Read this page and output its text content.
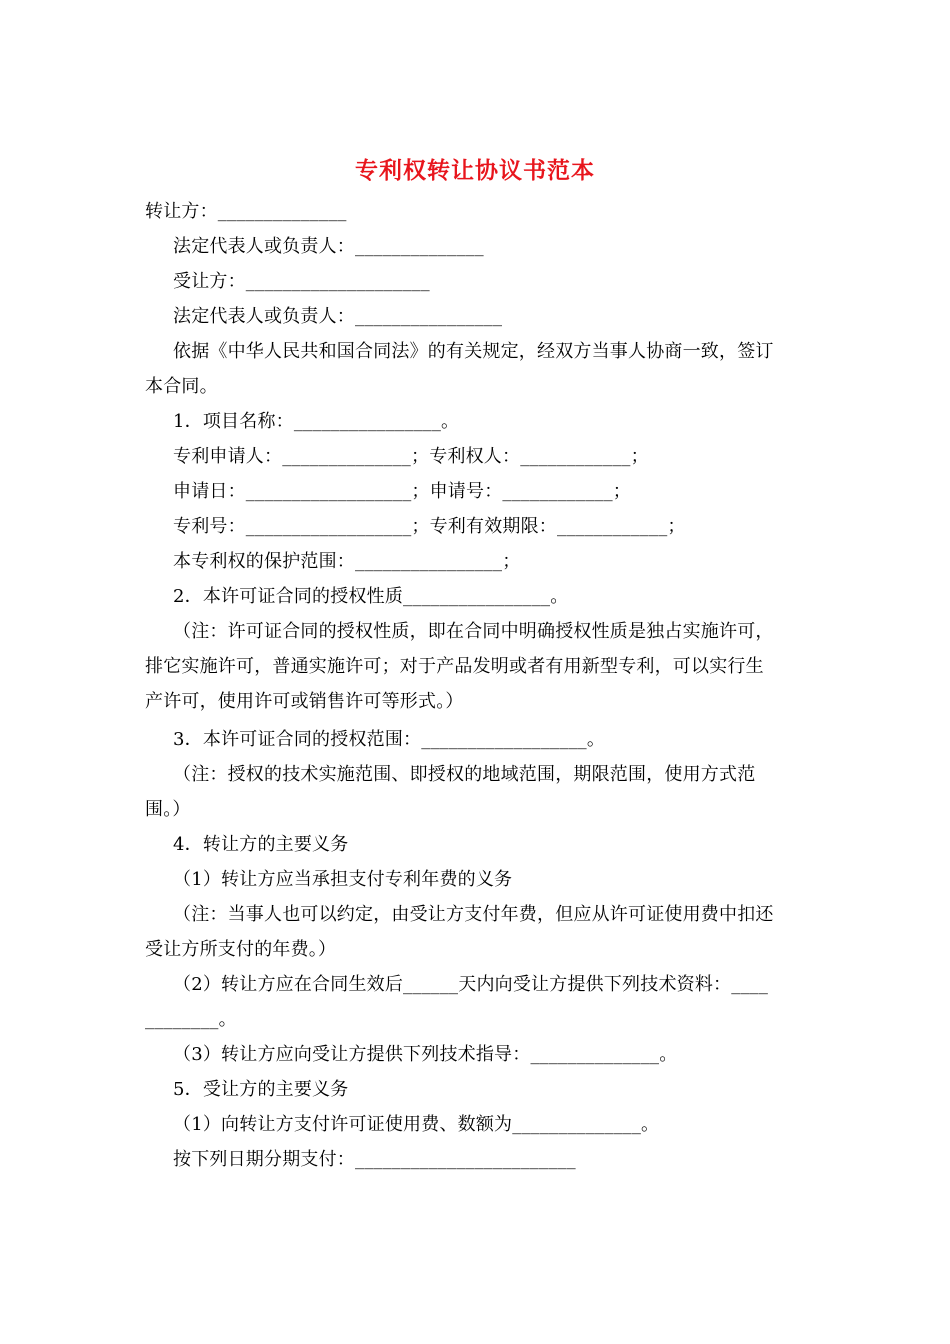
专利权转让协议书范本
转让方：______________
法定代表人或负责人：______________
受让方：____________________
法定代表人或负责人：________________
依据《中华人民共和国合同法》的有关规定，经双方当事人协商一致，签订
本合同。
1．项目名称：________________。
专利申请人：______________；专利权人：____________；
申请日：__________________；申请号：____________；
专利号：__________________；专利有效期限：____________；
本专利权的保护范围：________________；
2．本许可证合同的授权性质________________。
（注：许可证合同的授权性质，即在合同中明确授权性质是独占实施许可，
排它实施许可，普通实施许可；对于产品发明或者有用新型专利，可以实行生
产许可，使用许可或销售许可等形式。）
3．本许可证合同的授权范围：__________________。
（注：授权的技术实施范围、即授权的地域范围，期限范围，使用方式范
围。）
4．转让方的主要义务
（1）转让方应当承担支付专利年费的义务
（注：当事人也可以约定，由受让方支付年费，但应从许可证使用费中扣还
受让方所支付的年费。）
（2）转让方应在合同生效后______天内向受让方提供下列技术资料：____
________。
（3）转让方应向受让方提供下列技术指导：______________。
5．受让方的主要义务
（1）向转让方支付许可证使用费、数额为______________。
按下列日期分期支付：________________________
